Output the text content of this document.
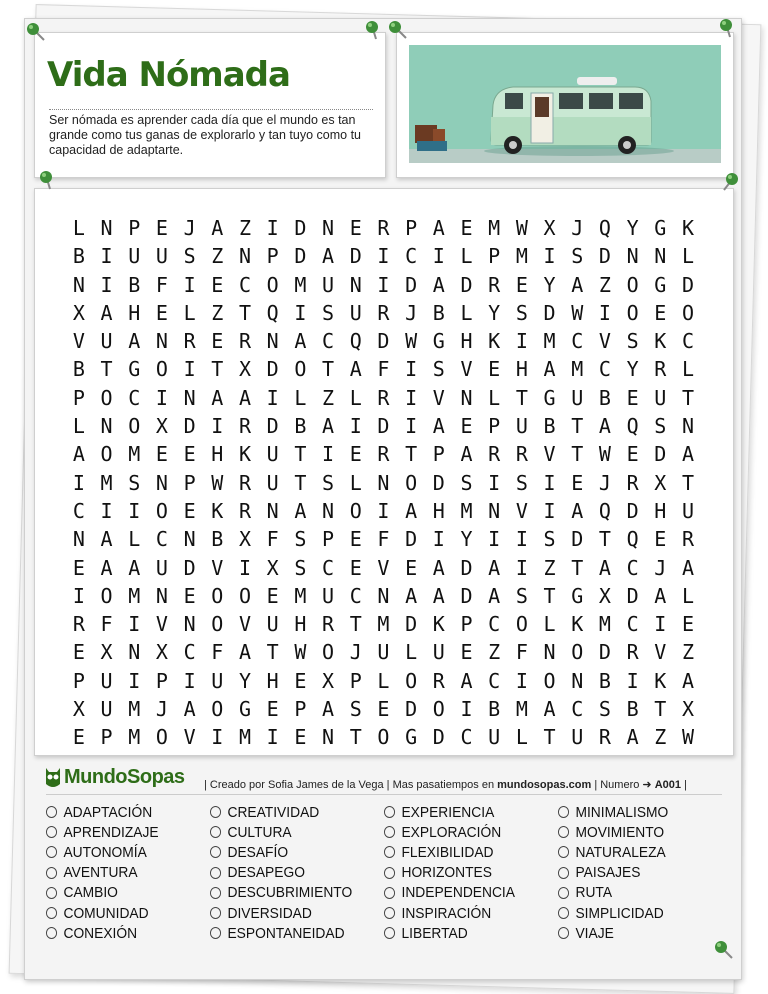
Vida Nómada

Ser nómada es aprender cada día que el mundo es tan grande como tus ganas de explorarlo y tan tuyo como tu capacidad de adaptarte.

L N P E J A Z I D N E R P A E M W X J Q Y G K
B I U U S Z N P D A D I C I L P M I S D N N L
N I B F I E C O M U N I D A D R E Y A Z O G D
X A H E L Z T Q I S U R J B L Y S D W I O E O
V U A N R E R N A C Q D W G H K I M C V S K C
B T G O I T X D O T A F I S V E H A M C Y R L
P O C I N A A I L Z L R I V N L T G U B E U T
L N O X D I R D B A I D I A E P U B T A Q S N
A O M E E H K U T I E R T P A R R V T W E D A
I M S N P W R U T S L N O D S I S I E J R X T
C I I O E K R N A N O I A H M N V I A Q D H U
N A L C N B X F S P E F D I Y I I S D T Q E R
E A A U D V I X S C E V E A D A I Z T A C J A
I O M N E O O E M U C N A A D A S T G X D A L
R F I V N O V U H R T M D K P C O L K M C I E
E X N X C F A T W O J U L U E Z F N O D R V Z
P U I P I U Y H E X P L O R A C I O N B I K A
X U M J A O G E P A S E D O I B M A C S B T X
E P M O V I M I E N T O G D C U L T U R A Z W
MundoSopas | Creado por Sofia James de la Vega | Mas pasatiempos en mundosopas.com | Numero ➜ A001 |
ADAPTACIÓN
APRENDIZAJE
AUTONOMÍA
AVENTURA
CAMBIO
COMUNIDAD
CONEXIÓN
CREATIVIDAD
CULTURA
DESAFÍO
DESAPEGO
DESCUBRIMIENTO
DIVERSIDAD
ESPONTANEIDAD
EXPERIENCIA
EXPLORACIÓN
FLEXIBILIDAD
HORIZONTES
INDEPENDENCIA
INSPIRACIÓN
LIBERTAD
MINIMALISMO
MOVIMIENTO
NATURALEZA
PAISAJES
RUTA
SIMPLICIDAD
VIAJE
